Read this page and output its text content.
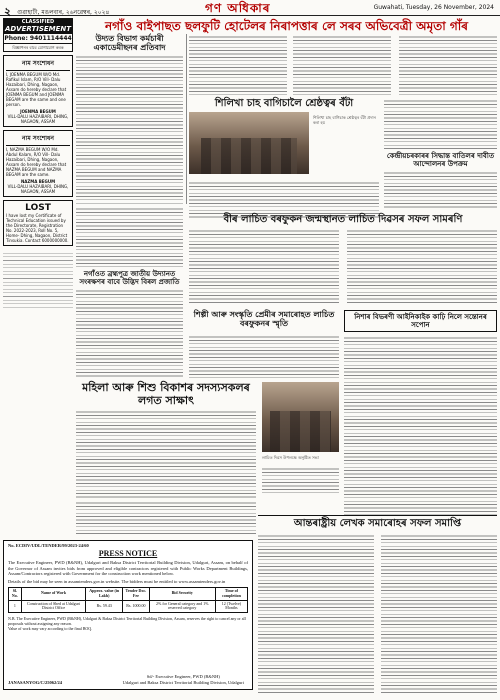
২ গুৱাহাটী, মঙলবাৰ, ২৬নৱেম্বৰ, ২০২৪	গণ অধিকাৰ	Guwahati, Tuesday, 26 November, 2024
CLASSIFIED
ADVERTISEMENT
Phone: 9401114444
বিজ্ঞাপনৰ বাবে যোগাযোগ কৰক
নাম সংশোধন
I, JOENMA BEGUM W/O Md. Rafikul Islam, R/O Vill- Dalu Hazaibari, Dhing, Nagaon, Assam do hereby declare that JOENMA BEGUM and JOENMA BEGAM are the same and one person.
JOENMA BEGUM
VILL-DALU HAZAIBARI, DHING, NAGAON, ASSAM
নাম সংশোধন
I, NAZMA BEGUM W/O Md. Abdul Kalam, R/O Vill- Dalu Hazaibari, Dhing, Nagaon, Assam do hereby declare that NAZMA BEGUM and NAZMA BEGAM are the same.
NAZMA BEGUM
VILL-DALU HAZAIBARI, DHING, NAGAON, ASSAM
LOST
I have lost my Certificate of Technical Education issued by the Directorate, Registration No. 2022-2023, Roll No. 5, Home- Dhing, Nagaon, District Tinsukia. Contact 6000000000.
নগাঁও বাইপাছত ছলফুটি হোটেলৰ নিৰাপত্তাৰ লে সৰব অভিবেত্ৰী অমৃতা গাঁৰ
উদ্যত বিভাগ কৰ্মচাৰী একাডেমীছনৰ প্ৰতিবাদ
শিলিখা চাহ বাগিচালৈ শ্ৰেষ্ঠত্বৰ বঁটা
শিলিখা চাহ বাগিচাক শ্ৰেষ্ঠত্বৰ বঁটা প্ৰদান কৰা হয়
কেন্দ্ৰীয়চৰকাৰৰ সিদ্ধান্ত বাতিলৰ দাবীত আন্দোলনৰ উপক্ৰম
বীৰ লাচিত বৰফুকন জন্মস্থানত লাচিত দিৱসৰ সফল সামৰণি
নগাঁওত ব্ৰহ্মপুত্ৰ জাতীয় উদ্যানত সংৰক্ষণৰ বাবে উদ্ভিদ বিৰল প্ৰজাতি
মহিলা আৰু শিশু বিকাশৰ সদস্যসকলৰ লগত সাক্ষাৎ
শিল্পী আৰু সংস্কৃতি প্ৰেমীৰ সমাৰোহত লাচিত বৰফুকনৰ স্মৃতি
লাচিত দিৱস উপলক্ষে অনুষ্ঠিত সভা
নিশাৰ বিভৰণী আইনিকাইক কাঢ়ি নিলে সন্তোনৰ সপোন
আন্তৰাষ্ট্ৰীয় লেখক সমাৰোহৰ সফল সমাপ্তি
No. ECDIV/UDL/TENDER/99/2023-24/60
PRESS NOTICE
The Executive Engineer, PWD (B&NH), Udalguri and Baksa District Territorial Building Division, Udalguri, Assam, on behalf of the Governor of Assam invites bids from approved and eligible contractors registered with Public Works Department Buildings, Assam/Contractors registered with Government for the construction work mentioned below.
Details of the bid may be seen in assamtenders.gov.in website. The bidders must be entitled to www.assamtenders.gov.in
Sl. No.	Name of Work	Approx. value (in Lakh)	Tender Doc. Fee	Bid Security	Time of completion
1	Construction of Shed at Udalguri District Office	Rs. 59.43	Rs. 1000.00	2% for General category and 1% reserved category	12 (Twelve) Months
N.B. The Executive Engineer, PWD (B&NH), Udalguri & Baksa District Territorial Building Division, Assam, reserves the right to cancel any or all proposals without assigning any reason.
Value of work may vary according to the final BOQ.
JANASANYOG/C/25062/24
Sd/- Executive Engineer, PWD (B&NH)
Udalguri and Baksa District Territorial Building Division, Udalguri
